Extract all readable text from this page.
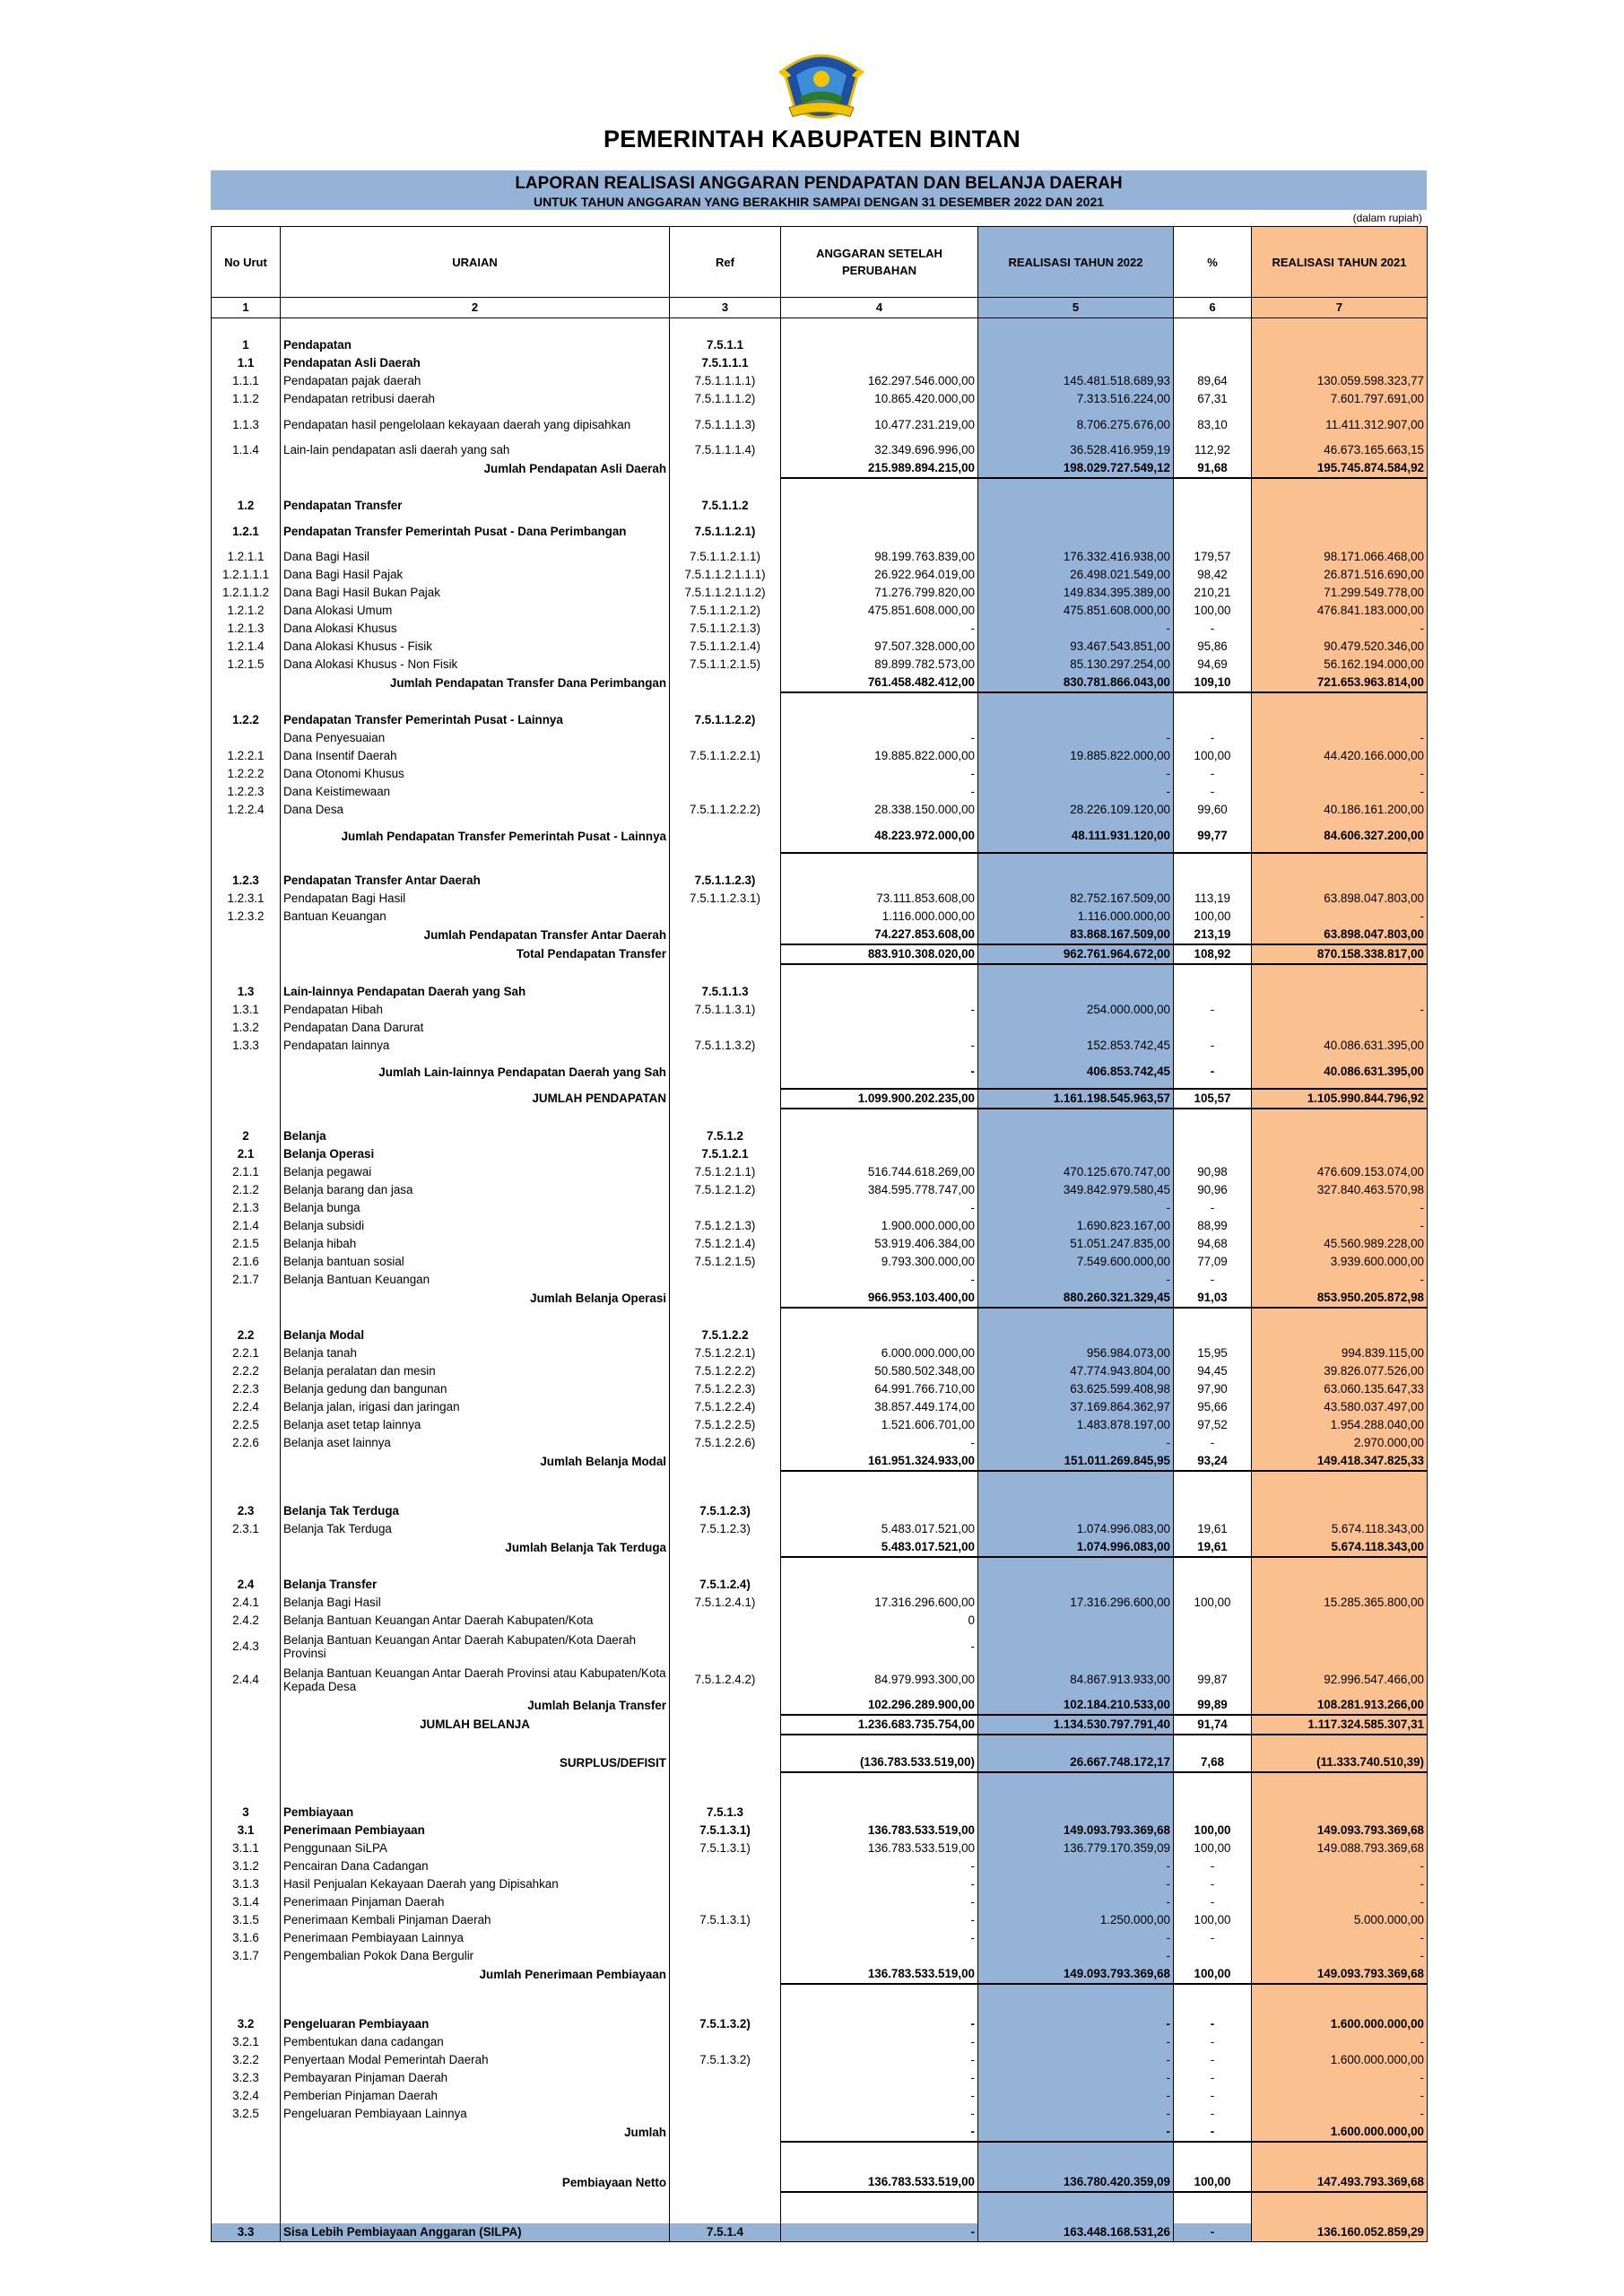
PEMERINTAH KABUPATEN BINTAN
LAPORAN REALISASI ANGGARAN PENDAPATAN DAN BELANJA DAERAH
UNTUK TAHUN ANGGARAN YANG BERAKHIR SAMPAI DENGAN 31 DESEMBER 2022 DAN 2021
(dalam rupiah)
No Urut	URAIAN	Ref	ANGGARAN SETELAH PERUBAHAN	REALISASI TAHUN 2022	%	REALISASI TAHUN 2021
1	2	3	4	5	6	7

1	Pendapatan	7.5.1.1				
1.1	Pendapatan Asli Daerah	7.5.1.1.1				
1.1.1	Pendapatan pajak daerah	7.5.1.1.1.1)	162.297.546.000,00	145.481.518.689,93	89,64	130.059.598.323,77
1.1.2	Pendapatan retribusi daerah	7.5.1.1.1.2)	10.865.420.000,00	7.313.516.224,00	67,31	7.601.797.691,00
1.1.3	Pendapatan hasil pengelolaan kekayaan daerah yang dipisahkan	7.5.1.1.1.3)	10.477.231.219,00	8.706.275.676,00	83,10	11.411.312.907,00
1.1.4	Lain-lain pendapatan asli daerah yang sah	7.5.1.1.1.4)	32.349.696.996,00	36.528.416.959,19	112,92	46.673.165.663,15
	Jumlah Pendapatan Asli Daerah		215.989.894.215,00	198.029.727.549,12	91,68	195.745.874.584,92

1.2	Pendapatan Transfer	7.5.1.1.2				
1.2.1	Pendapatan Transfer Pemerintah Pusat - Dana Perimbangan	7.5.1.1.2.1)				
1.2.1.1	Dana Bagi Hasil	7.5.1.1.2.1.1)	98.199.763.839,00	176.332.416.938,00	179,57	98.171.066.468,00
1.2.1.1.1	Dana Bagi Hasil Pajak	7.5.1.1.2.1.1.1)	26.922.964.019,00	26.498.021.549,00	98,42	26.871.516.690,00
1.2.1.1.2	Dana Bagi Hasil Bukan Pajak	7.5.1.1.2.1.1.2)	71.276.799.820,00	149.834.395.389,00	210,21	71.299.549.778,00
1.2.1.2	Dana Alokasi Umum	7.5.1.1.2.1.2)	475.851.608.000,00	475.851.608.000,00	100,00	476.841.183.000,00
1.2.1.3	Dana Alokasi Khusus	7.5.1.1.2.1.3)	-	-	-	-
1.2.1.4	Dana Alokasi Khusus - Fisik	7.5.1.1.2.1.4)	97.507.328.000,00	93.467.543.851,00	95,86	90.479.520.346,00
1.2.1.5	Dana Alokasi Khusus - Non Fisik	7.5.1.1.2.1.5)	89.899.782.573,00	85.130.297.254,00	94,69	56.162.194.000,00
	Jumlah Pendapatan Transfer Dana Perimbangan		761.458.482.412,00	830.781.866.043,00	109,10	721.653.963.814,00

1.2.2	Pendapatan Transfer Pemerintah Pusat - Lainnya	7.5.1.1.2.2)				
	Dana Penyesuaian		-	-	-	-
1.2.2.1	Dana Insentif Daerah	7.5.1.1.2.2.1)	19.885.822.000,00	19.885.822.000,00	100,00	44.420.166.000,00
1.2.2.2	Dana Otonomi Khusus		-	-	-	-
1.2.2.3	Dana Keistimewaan		-	-	-	-
1.2.2.4	Dana Desa	7.5.1.1.2.2.2)	28.338.150.000,00	28.226.109.120,00	99,60	40.186.161.200,00
	Jumlah Pendapatan Transfer Pemerintah Pusat - Lainnya		48.223.972.000,00	48.111.931.120,00	99,77	84.606.327.200,00

1.2.3	Pendapatan Transfer Antar Daerah	7.5.1.1.2.3)				
1.2.3.1	Pendapatan Bagi Hasil	7.5.1.1.2.3.1)	73.111.853.608,00	82.752.167.509,00	113,19	63.898.047.803,00
1.2.3.2	Bantuan Keuangan		1.116.000.000,00	1.116.000.000,00	100,00	-
	Jumlah Pendapatan Transfer Antar Daerah		74.227.853.608,00	83.868.167.509,00	213,19	63.898.047.803,00
	Total Pendapatan Transfer		883.910.308.020,00	962.761.964.672,00	108,92	870.158.338.817,00

1.3	Lain-lainnya Pendapatan Daerah yang Sah	7.5.1.1.3				
1.3.1	Pendapatan Hibah	7.5.1.1.3.1)	-	254.000.000,00	-	-
1.3.2	Pendapatan Dana Darurat					
1.3.3	Pendapatan lainnya	7.5.1.1.3.2)	-	152.853.742,45	-	40.086.631.395,00
	Jumlah Lain-lainnya Pendapatan Daerah yang Sah		-	406.853.742,45	-	40.086.631.395,00
	JUMLAH PENDAPATAN		1.099.900.202.235,00	1.161.198.545.963,57	105,57	1.105.990.844.796,92

2	Belanja	7.5.1.2				
2.1	Belanja Operasi	7.5.1.2.1				
2.1.1	Belanja pegawai	7.5.1.2.1.1)	516.744.618.269,00	470.125.670.747,00	90,98	476.609.153.074,00
2.1.2	Belanja barang dan jasa	7.5.1.2.1.2)	384.595.778.747,00	349.842.979.580,45	90,96	327.840.463.570,98
2.1.3	Belanja bunga		-	-	-	-
2.1.4	Belanja subsidi	7.5.1.2.1.3)	1.900.000.000,00	1.690.823.167,00	88,99	-
2.1.5	Belanja hibah	7.5.1.2.1.4)	53.919.406.384,00	51.051.247.835,00	94,68	45.560.989.228,00
2.1.6	Belanja bantuan sosial	7.5.1.2.1.5)	9.793.300.000,00	7.549.600.000,00	77,09	3.939.600.000,00
2.1.7	Belanja Bantuan Keuangan		-	-	-	-
	Jumlah Belanja Operasi		966.953.103.400,00	880.260.321.329,45	91,03	853.950.205.872,98

2.2	Belanja Modal	7.5.1.2.2				
2.2.1	Belanja tanah	7.5.1.2.2.1)	6.000.000.000,00	956.984.073,00	15,95	994.839.115,00
2.2.2	Belanja peralatan dan mesin	7.5.1.2.2.2)	50.580.502.348,00	47.774.943.804,00	94,45	39.826.077.526,00
2.2.3	Belanja gedung dan bangunan	7.5.1.2.2.3)	64.991.766.710,00	63.625.599.408,98	97,90	63.060.135.647,33
2.2.4	Belanja jalan, irigasi dan jaringan	7.5.1.2.2.4)	38.857.449.174,00	37.169.864.362,97	95,66	43.580.037.497,00
2.2.5	Belanja aset tetap lainnya	7.5.1.2.2.5)	1.521.606.701,00	1.483.878.197,00	97,52	1.954.288.040,00
2.2.6	Belanja aset lainnya	7.5.1.2.2.6)	-	-	-	2.970.000,00
	Jumlah Belanja Modal		161.951.324.933,00	151.011.269.845,95	93,24	149.418.347.825,33

2.3	Belanja Tak Terduga	7.5.1.2.3)				
2.3.1	Belanja Tak Terduga	7.5.1.2.3)	5.483.017.521,00	1.074.996.083,00	19,61	5.674.118.343,00
	Jumlah Belanja Tak Terduga		5.483.017.521,00	1.074.996.083,00	19,61	5.674.118.343,00

2.4	Belanja Transfer	7.5.1.2.4)				
2.4.1	Belanja Bagi Hasil	7.5.1.2.4.1)	17.316.296.600,00	17.316.296.600,00	100,00	15.285.365.800,00
2.4.2	Belanja Bantuan Keuangan Antar Daerah Kabupaten/Kota		0			
2.4.3	Belanja Bantuan Keuangan Antar Daerah Kabupaten/Kota Daerah Provinsi		-			
2.4.4	Belanja Bantuan Keuangan Antar Daerah Provinsi atau Kabupaten/Kota Kepada Desa	7.5.1.2.4.2)	84.979.993.300,00	84.867.913.933,00	99,87	92.996.547.466,00
	Jumlah Belanja Transfer		102.296.289.900,00	102.184.210.533,00	99,89	108.281.913.266,00
	JUMLAH BELANJA		1.236.683.735.754,00	1.134.530.797.791,40	91,74	1.117.324.585.307,31

	SURPLUS/DEFISIT		(136.783.533.519,00)	26.667.748.172,17	7,68	(11.333.740.510,39)

3	Pembiayaan	7.5.1.3				
3.1	Penerimaan Pembiayaan	7.5.1.3.1)	136.783.533.519,00	149.093.793.369,68	100,00	149.093.793.369,68
3.1.1	Penggunaan SiLPA	7.5.1.3.1)	136.783.533.519,00	136.779.170.359,09	100,00	149.088.793.369,68
3.1.2	Pencairan Dana Cadangan		-	-	-	-
3.1.3	Hasil Penjualan Kekayaan Daerah yang Dipisahkan		-	-	-	-
3.1.4	Penerimaan Pinjaman Daerah		-	-	-	-
3.1.5	Penerimaan Kembali Pinjaman Daerah	7.5.1.3.1)	-	1.250.000,00	100,00	5.000.000,00
3.1.6	Penerimaan Pembiayaan Lainnya		-	-	-	-
3.1.7	Pengembalian Pokok Dana Bergulir			-		-
	Jumlah Penerimaan Pembiayaan		136.783.533.519,00	149.093.793.369,68	100,00	149.093.793.369,68

3.2	Pengeluaran Pembiayaan	7.5.1.3.2)	-	-	-	1.600.000.000,00
3.2.1	Pembentukan dana cadangan		-	-	-	-
3.2.2	Penyertaan Modal Pemerintah Daerah	7.5.1.3.2)	-	-	-	1.600.000.000,00
3.2.3	Pembayaran Pinjaman Daerah		-	-	-	-
3.2.4	Pemberian Pinjaman Daerah		-	-	-	-
3.2.5	Pengeluaran Pembiayaan Lainnya		-	-	-	-
	Jumlah		-	-	-	1.600.000.000,00

	Pembiayaan Netto		136.783.533.519,00	136.780.420.359,09	100,00	147.493.793.369,68

3.3	Sisa Lebih Pembiayaan Anggaran (SILPA)	7.5.1.4	-	163.448.168.531,26	-	136.160.052.859,29
